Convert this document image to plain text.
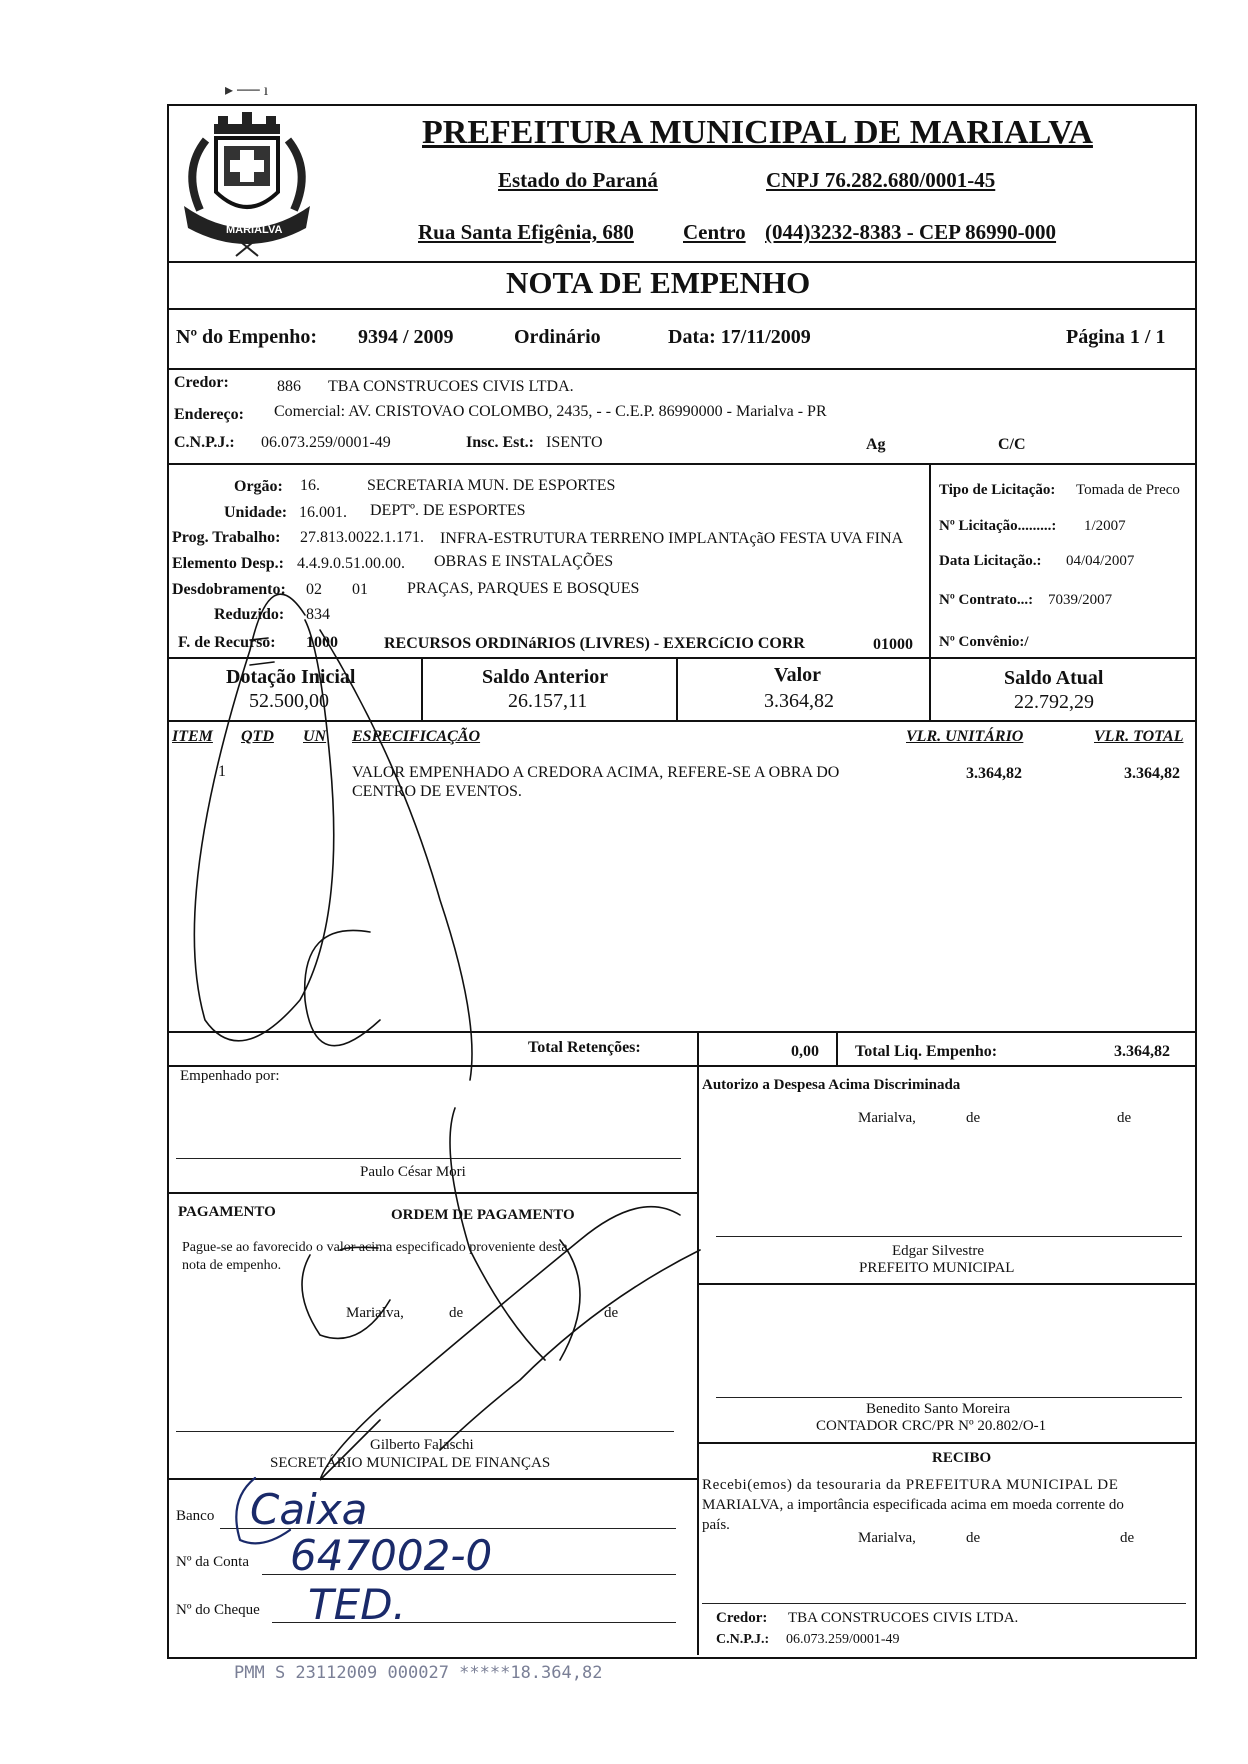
▸ ── ı
MARIALVA
PREFEITURA MUNICIPAL DE MARIALVA
Estado do Paraná	CNPJ 76.282.680/0001-45
Rua Santa Efigênia, 680 Centro (044)3232-8383 - CEP 86990-000
NOTA DE EMPENHO
Nº do Empenho: 9394 / 2009	Ordinário	Data: 17/11/2009	Página 1 / 1
Credor:	886 TBA CONSTRUCOES CIVIS LTDA.
Endereço: Comercial: AV. CRISTOVAO COLOMBO, 2435, - - C.E.P. 86990000 - Marialva - PR
C.N.P.J.: 06.073.259/0001-49	Insc. Est.: ISENTO	Ag	C/C
Orgão: 16.	SECRETARIA MUN. DE ESPORTES
Unidade: 16.001. DEPTº. DE ESPORTES
Prog. Trabalho: 27.813.0022.1.171. INFRA-ESTRUTURA TERRENO IMPLANTAçãO FESTA UVA FINA
Elemento Desp.: 4.4.9.0.51.00.00. OBRAS E INSTALAÇÕES
Desdobramento: 02 01 PRAÇAS, PARQUES E BOSQUES
Reduzido: 834
F. de Recurso: 1000	RECURSOS ORDINáRIOS (LIVRES) - EXERCíCIO CORR	01000
Tipo de Licitação: Tomada de Preco
Nº Licitação.........: 1/2007
Data Licitação.: 04/04/2007
Nº Contrato...: 7039/2007
Nº Convênio:/
Dotação Inicial
52.500,00
Saldo Anterior
26.157,11
Valor
3.364,82
Saldo Atual
22.792,29
ITEM QTD UN ESPECIFICAÇÃO	VLR. UNITÁRIO	VLR. TOTAL
1	VALOR EMPENHADO A CREDORA ACIMA, REFERE-SE A OBRA DO
CENTRO DE EVENTOS.
3.364,82	3.364,82
Total Retenções:	0,00 Total Liq. Empenho:	3.364,82
Empenhado por:
Paulo César Mori
Autorizo a Despesa Acima Discriminada
Marialva,	de	de
Edgar Silvestre
PREFEITO MUNICIPAL
PAGAMENTO	ORDEM DE PAGAMENTO
Pague-se ao favorecido o valor acima especificado proveniente desta
nota de empenho.
Marialva,	de	de
Gilberto Falaschi
SECRETÁRIO MUNICIPAL DE FINANÇAS
Benedito Santo Moreira
CONTADOR CRC/PR Nº 20.802/O-1
RECIBO
Recebi(emos) da tesouraria da PREFEITURA MUNICIPAL DE
MARIALVA, a importância especificada acima em moeda corrente do
país.
Marialva,	de	de
Credor: TBA CONSTRUCOES CIVIS LTDA.
C.N.P.J.: 06.073.259/0001-49
Banco
Nº da Conta
Nº do Cheque
Caixa
647002-0
TED.
PMM S 23112009 000027 *****18.364,82
